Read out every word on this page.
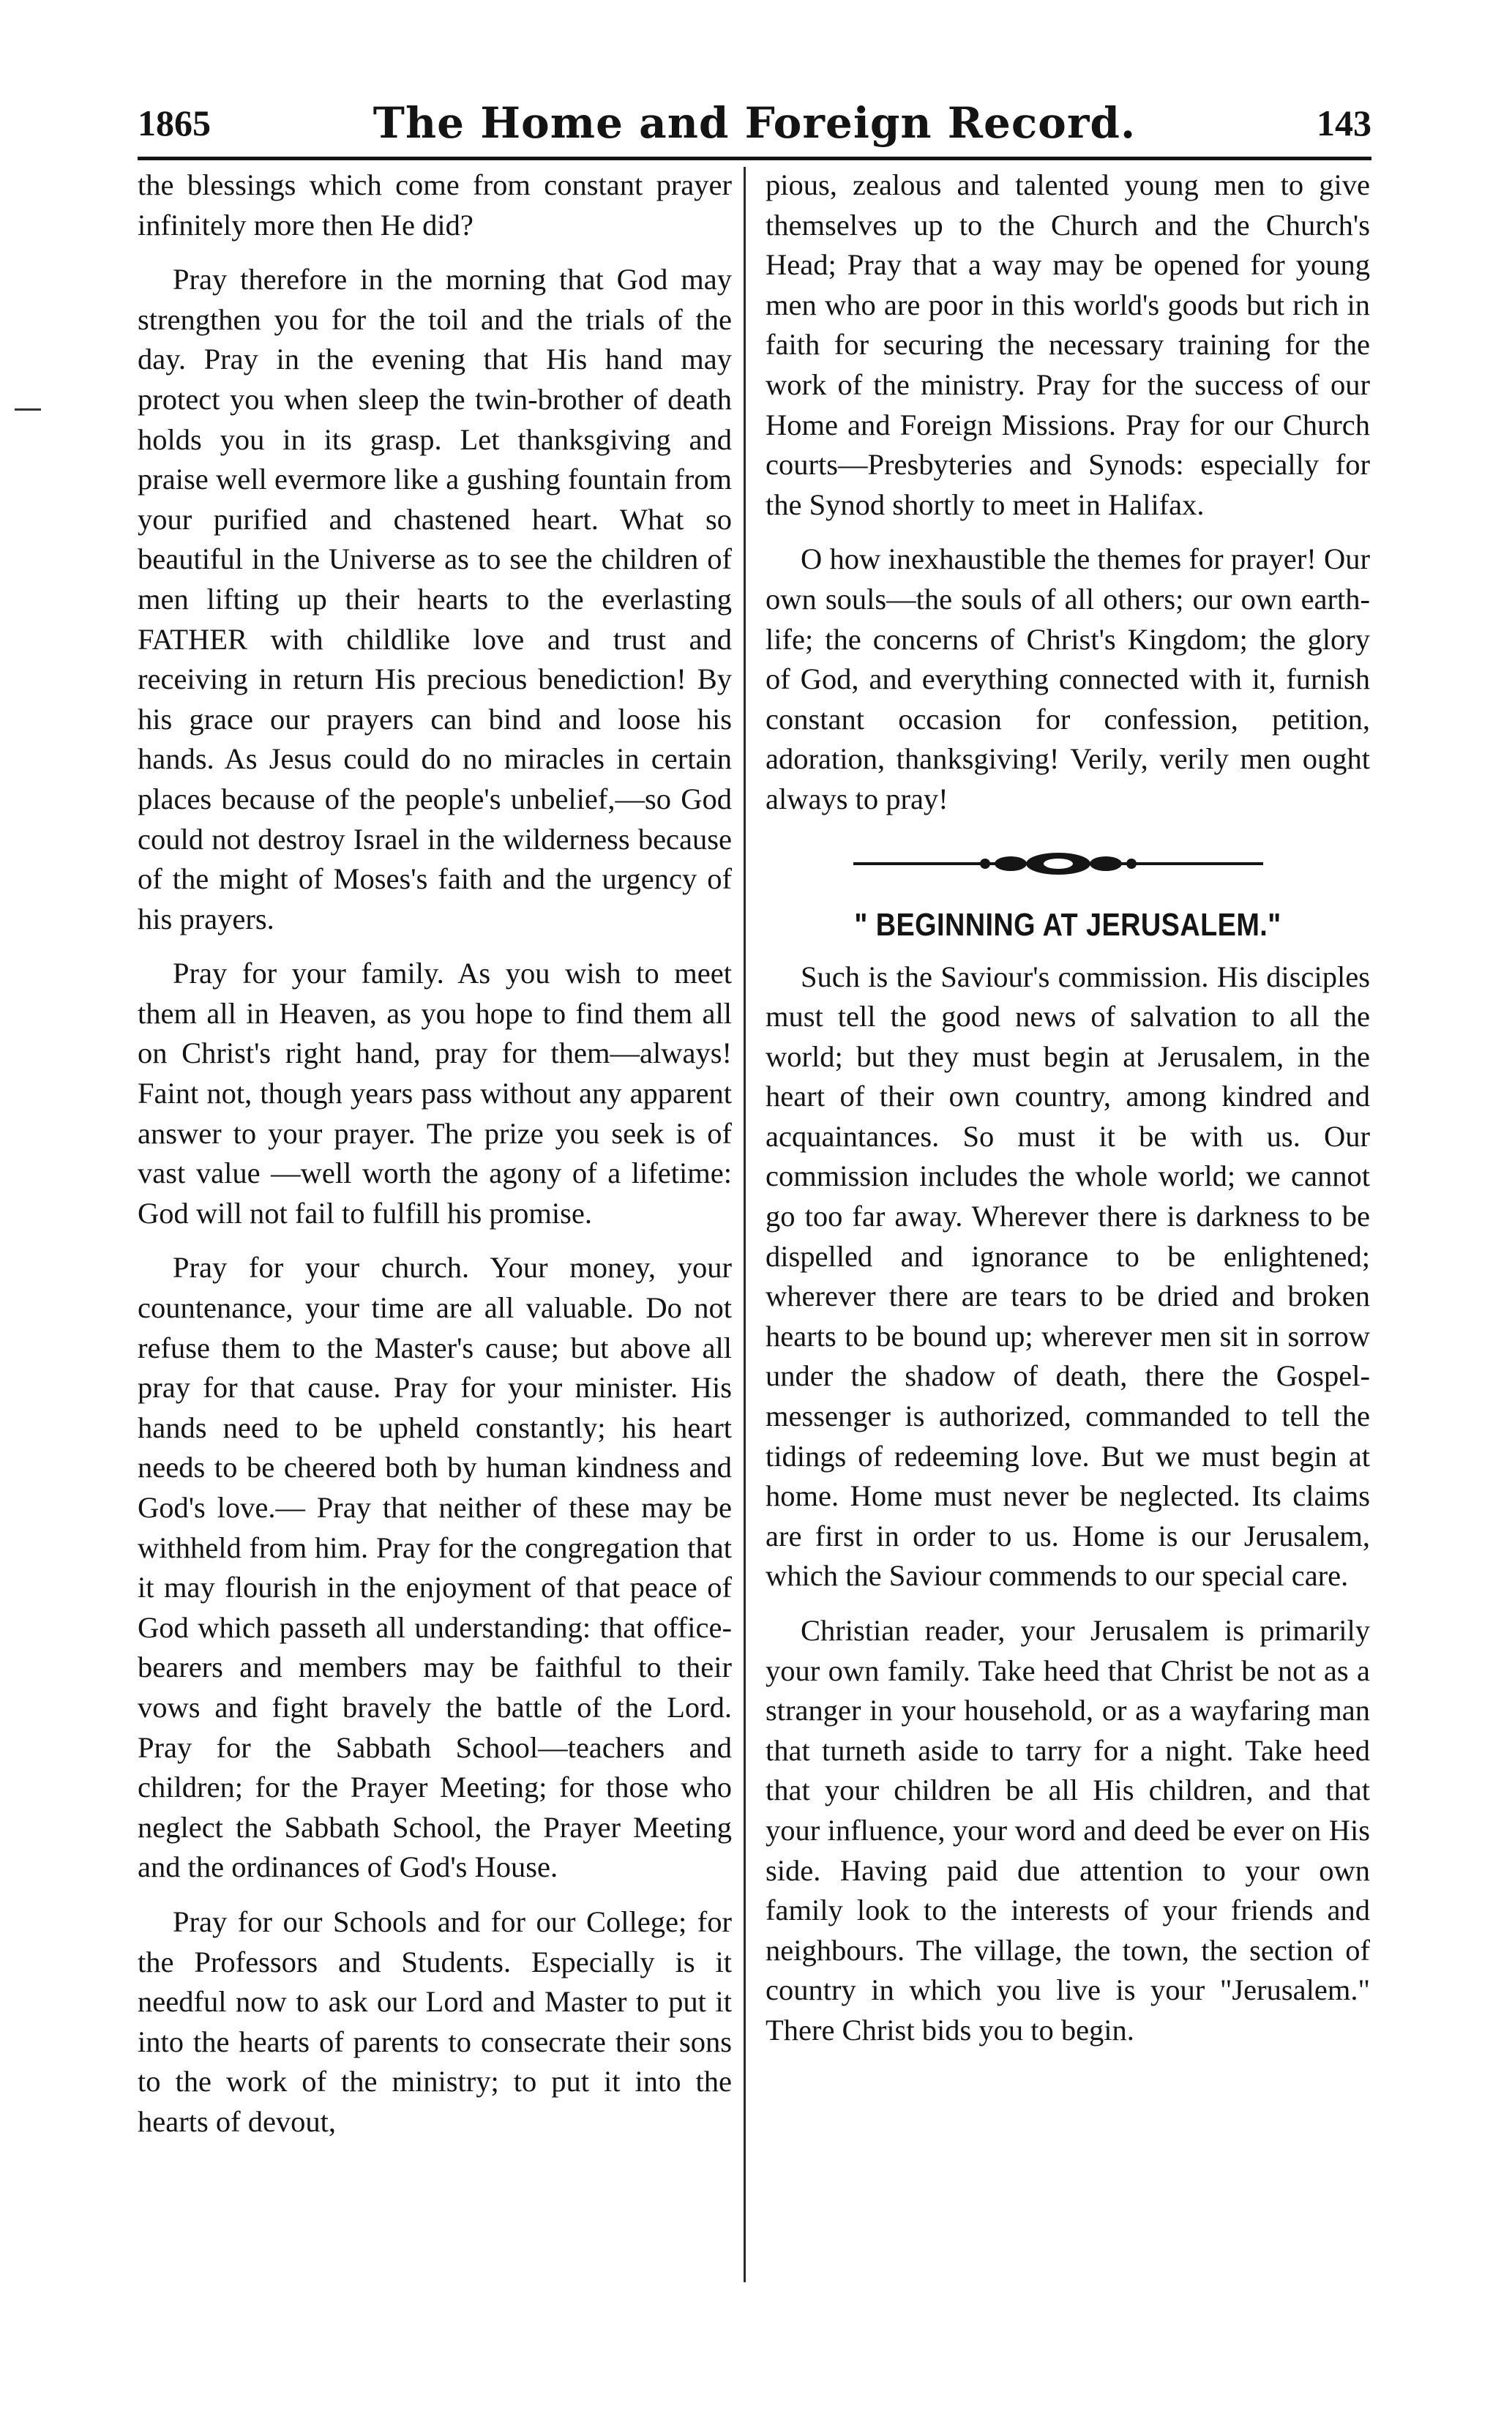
1865	The Home and Foreign Record.	143

the blessings which come from constant prayer infinitely more then He did?

Pray therefore in the morning that God may strengthen you for the toil and the trials of the day. Pray in the evening that His hand may protect you when sleep the twin-brother of death holds you in its grasp. Let thanksgiving and praise well evermore like a gushing fountain from your purified and chastened heart. What so beautiful in the Universe as to see the children of men lifting up their hearts to the everlasting FATHER with childlike love and trust and receiving in return His precious benediction! By his grace our prayers can bind and loose his hands. As Jesus could do no miracles in certain places because of the people's unbelief,—so God could not destroy Israel in the wilderness because of the might of Moses's faith and the urgency of his prayers.

Pray for your family. As you wish to meet them all in Heaven, as you hope to find them all on Christ's right hand, pray for them—always! Faint not, though years pass without any apparent answer to your prayer. The prize you seek is of vast value —well worth the agony of a lifetime: God will not fail to fulfill his promise.

Pray for your church. Your money, your countenance, your time are all valuable. Do not refuse them to the Master's cause; but above all pray for that cause. Pray for your minister. His hands need to be upheld constantly; his heart needs to be cheered both by human kindness and God's love.— Pray that neither of these may be withheld from him. Pray for the congregation that it may flourish in the enjoyment of that peace of God which passeth all understanding: that office-bearers and members may be faithful to their vows and fight bravely the battle of the Lord. Pray for the Sabbath School—teachers and children; for the Prayer Meeting; for those who neglect the Sabbath School, the Prayer Meeting and the ordinances of God's House.

Pray for our Schools and for our College; for the Professors and Students. Especially is it needful now to ask our Lord and Master to put it into the hearts of parents to consecrate their sons to the work of the ministry; to put it into the hearts of devout,

pious, zealous and talented young men to give themselves up to the Church and the Church's Head; Pray that a way may be opened for young men who are poor in this world's goods but rich in faith for securing the necessary training for the work of the ministry. Pray for the success of our Home and Foreign Missions. Pray for our Church courts—Presbyteries and Synods: especially for the Synod shortly to meet in Halifax.

O how inexhaustible the themes for prayer! Our own souls—the souls of all others; our own earth-life; the concerns of Christ's Kingdom; the glory of God, and everything connected with it, furnish constant occasion for confession, petition, adoration, thanksgiving! Verily, verily men ought always to pray!

" BEGINNING AT JERUSALEM."

Such is the Saviour's commission. His disciples must tell the good news of salvation to all the world; but they must begin at Jerusalem, in the heart of their own country, among kindred and acquaintances. So must it be with us. Our commission includes the whole world; we cannot go too far away. Wherever there is darkness to be dispelled and ignorance to be enlightened; wherever there are tears to be dried and broken hearts to be bound up; wherever men sit in sorrow under the shadow of death, there the Gospel-messenger is authorized, commanded to tell the tidings of redeeming love. But we must begin at home. Home must never be neglected. Its claims are first in order to us. Home is our Jerusalem, which the Saviour commends to our special care.

Christian reader, your Jerusalem is primarily your own family. Take heed that Christ be not as a stranger in your household, or as a wayfaring man that turneth aside to tarry for a night. Take heed that your children be all His children, and that your influence, your word and deed be ever on His side. Having paid due attention to your own family look to the interests of your friends and neighbours. The village, the town, the section of country in which you live is your "Jerusalem." There Christ bids you to begin.
